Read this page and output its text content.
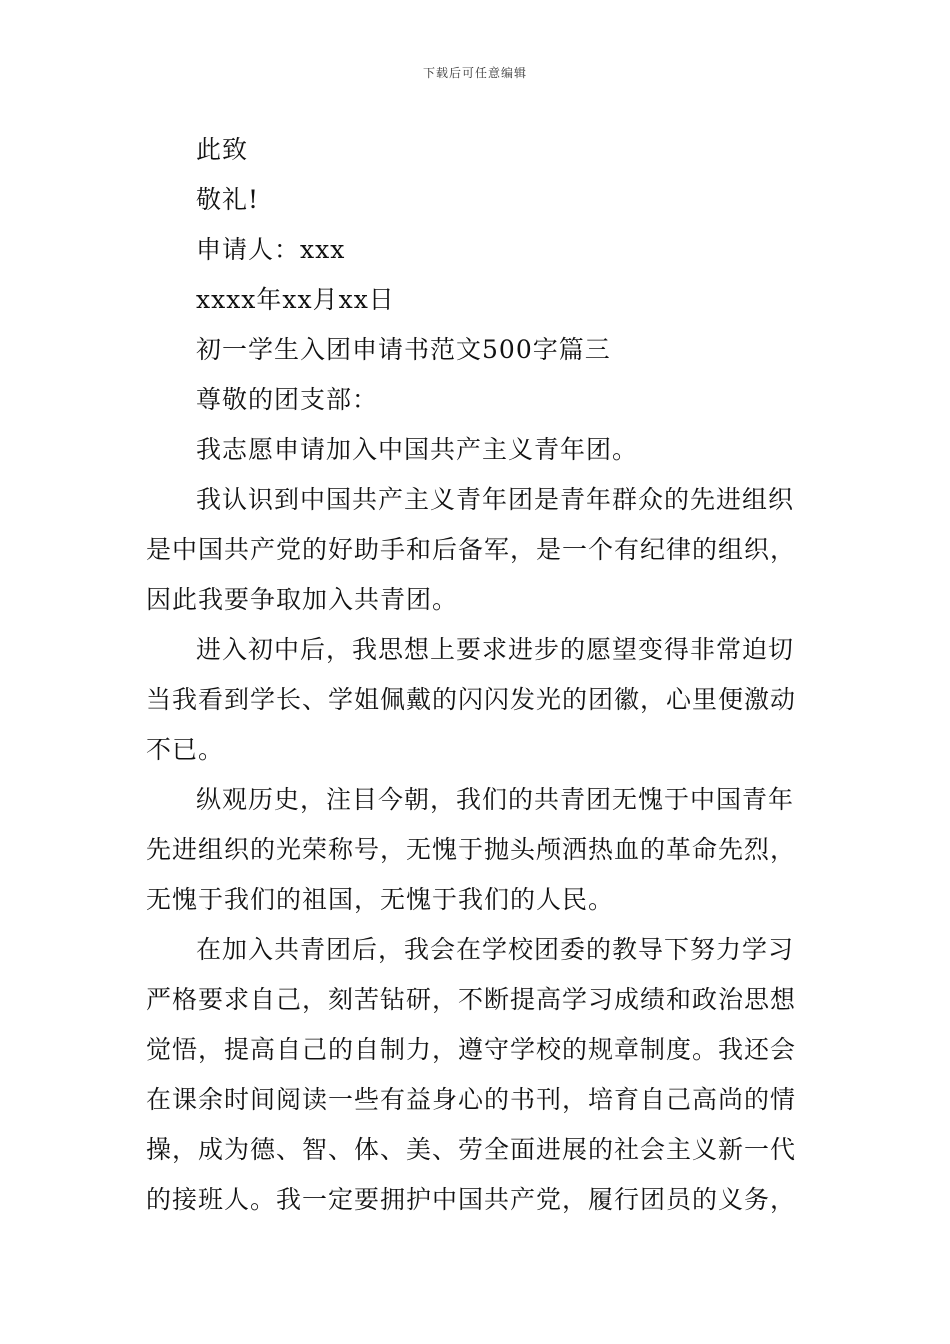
下载后可任意编辑
此致
敬礼!
申请人：xxx
xxxx年xx月xx日
初一学生入团申请书范文500字篇三
尊敬的团支部：
我志愿申请加入中国共产主义青年团。
我认识到中国共产主义青年团是青年群众的先进组织
是中国共产党的好助手和后备军，是一个有纪律的组织，
因此我要争取加入共青团。
进入初中后，我思想上要求进步的愿望变得非常迫切
当我看到学长、学姐佩戴的闪闪发光的团徽，心里便激动
不已。
纵观历史，注目今朝，我们的共青团无愧于中国青年
先进组织的光荣称号，无愧于抛头颅洒热血的革命先烈，
无愧于我们的祖国，无愧于我们的人民。
在加入共青团后，我会在学校团委的教导下努力学习
严格要求自己，刻苦钻研，不断提高学习成绩和政治思想
觉悟，提高自己的自制力，遵守学校的规章制度。我还会
在课余时间阅读一些有益身心的书刊，培育自己高尚的情
操，成为德、智、体、美、劳全面进展的社会主义新一代
的接班人。我一定要拥护中国共产党，履行团员的义务，
